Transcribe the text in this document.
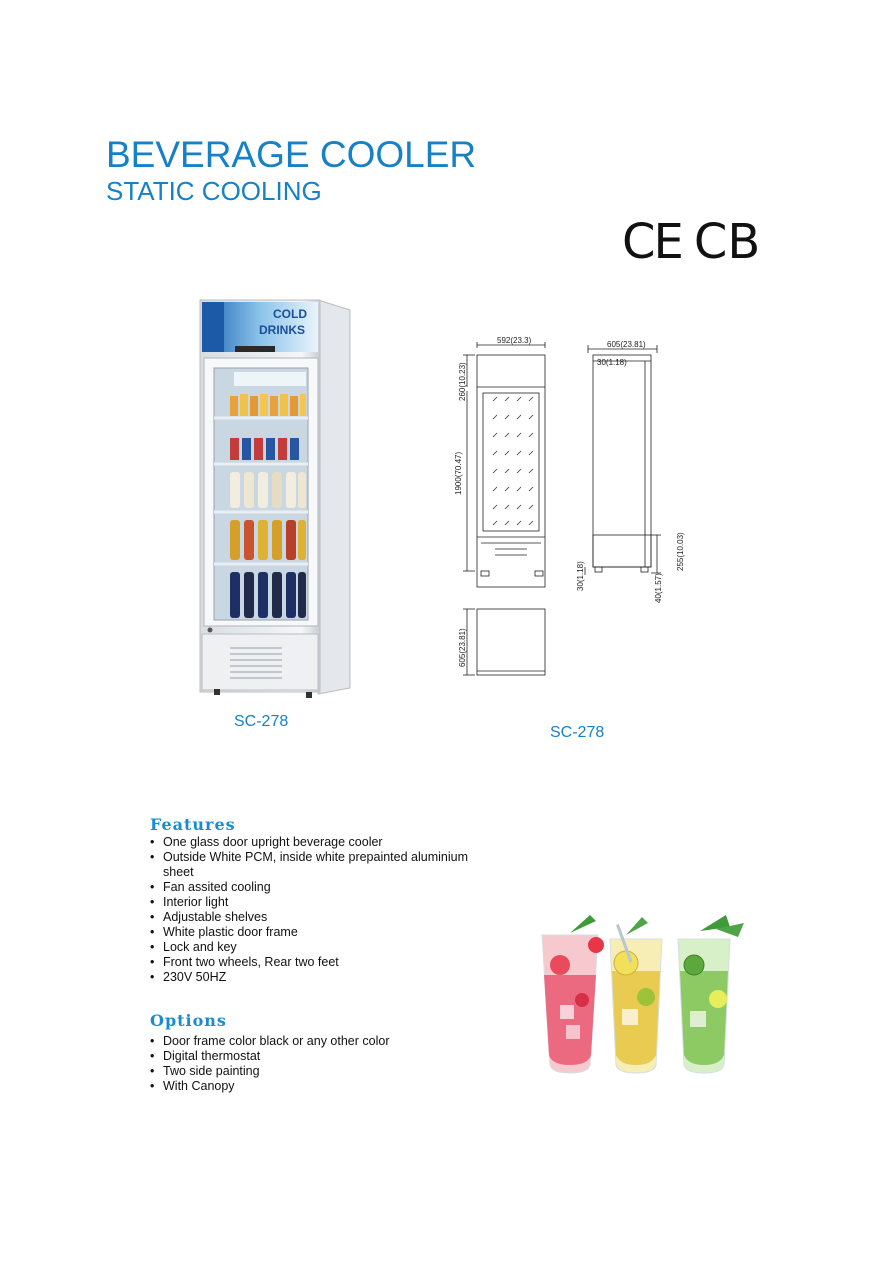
BEVERAGE COOLER
STATIC COOLING
CE CB
COLD
DRINKS
SC-278
592(23.3)	605(23.81)
30(1.18)
260(10.23)
1900(70.47)
255(10.03)
30(1.18)	40(1.57)
605(23.81)
SC-278
Features
• One glass door upright beverage cooler
• Outside White PCM, inside white prepainted aluminium sheet
• Fan assited cooling
• Interior light
• Adjustable shelves
• White plastic door frame
• Lock and key
• Front two wheels, Rear two feet
• 230V 50HZ
Options
• Door frame color black or any other color
• Digital thermostat
• Two side painting
• With Canopy
